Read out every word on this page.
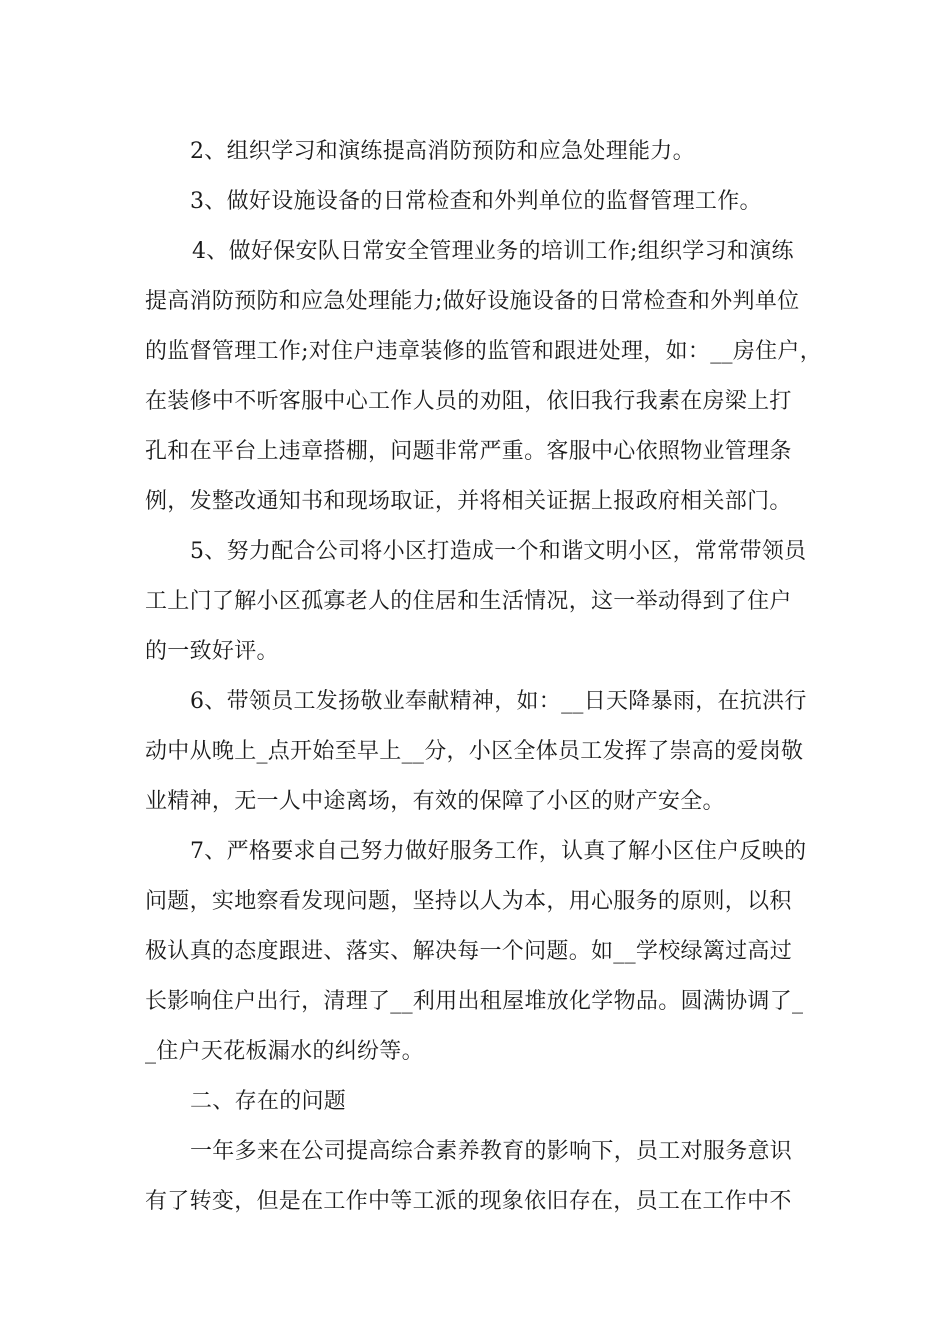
2、组织学习和演练提高消防预防和应急处理能力。
3、做好设施设备的日常检查和外判单位的监督管理工作。
4、做好保安队日常安全管理业务的培训工作;组织学习和演练
提高消防预防和应急处理能力;做好设施设备的日常检查和外判单位
的监督管理工作;对住户违章装修的监管和跟进处理，如：__房住户，
在装修中不听客服中心工作人员的劝阻，依旧我行我素在房梁上打
孔和在平台上违章搭棚，问题非常严重。客服中心依照物业管理条
例，发整改通知书和现场取证，并将相关证据上报政府相关部门。
5、努力配合公司将小区打造成一个和谐文明小区，常常带领员
工上门了解小区孤寡老人的住居和生活情况，这一举动得到了住户
的一致好评。
6、带领员工发扬敬业奉献精神，如：__日天降暴雨，在抗洪行
动中从晚上_点开始至早上__分，小区全体员工发挥了崇高的爱岗敬
业精神，无一人中途离场，有效的保障了小区的财产安全。
7、严格要求自己努力做好服务工作，认真了解小区住户反映的
问题，实地察看发现问题，坚持以人为本，用心服务的原则，以积
极认真的态度跟进、落实、解决每一个问题。如__学校绿篱过高过
长影响住户出行，清理了__利用出租屋堆放化学物品。圆满协调了_
_住户天花板漏水的纠纷等。
二、存在的问题
一年多来在公司提高综合素养教育的影响下，员工对服务意识
有了转变，但是在工作中等工派的现象依旧存在，员工在工作中不
